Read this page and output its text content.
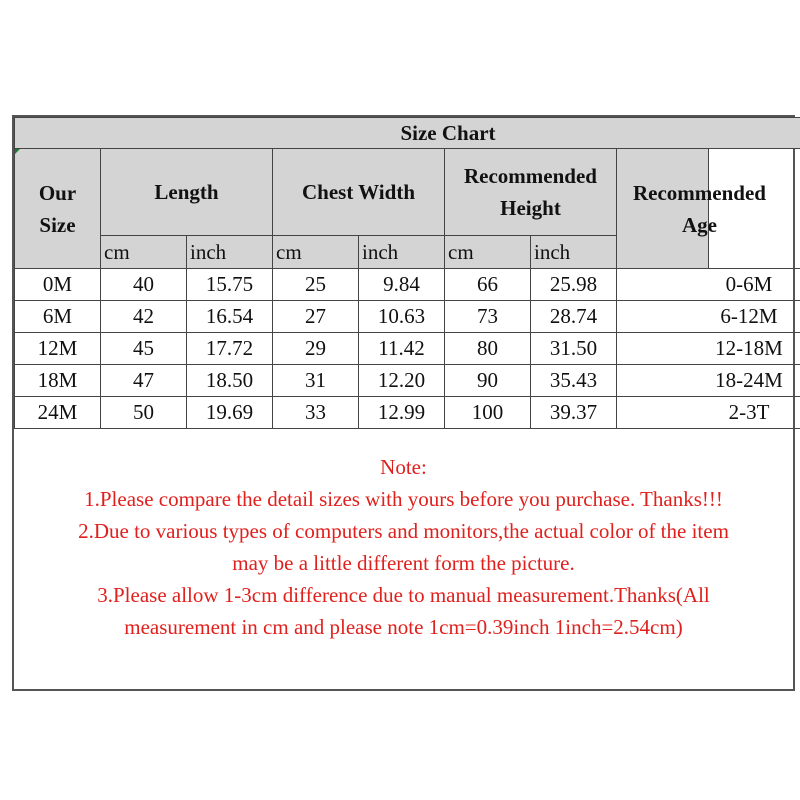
Size Chart							

Our Size	Length		Chest Width		Recommended Height		Recommended Age

	cm	inch	cm	inch	cm	inch	
0M	40	15.75	25	9.84	66	25.98	0-6M
6M	42	16.54	27	10.63	73	28.74	6-12M
12M	45	17.72	29	11.42	80	31.50	12-18M
18M	47	18.50	31	12.20	90	35.43	18-24M
24M	50	19.69	33	12.99	100	39.37	2-3T
Note:
1.Please compare the detail sizes with yours before you purchase. Thanks!!!
2.Due to various types of computers and monitors,the actual color of the item
may be a little different form the picture.
3.Please allow 1-3cm difference due to manual measurement.Thanks(All
measurement in cm and please note 1cm=0.39inch 1inch=2.54cm)
